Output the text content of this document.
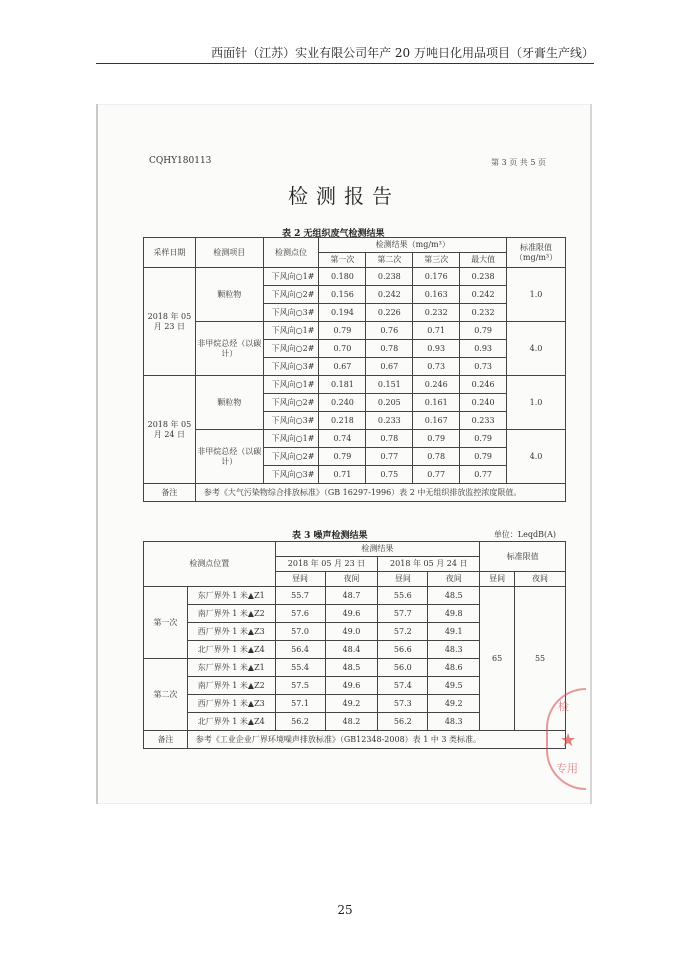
西面针（江苏）实业有限公司年产 20 万吨日化用品项目（牙膏生产线）
CQHY180113	第 3 页 共 5 页
检测报告
表 2 无组织废气检测结果
采样日期	检测项目	检测点位	检测结果（mg/m³）				标准限值（mg/m³）
			第一次	第二次	第三次	最大值	
2018 年 05 月 23 日	颗粒物	下风向○1#	0.180	0.238	0.176	0.238	1.0
		下风向○2#	0.156	0.242	0.163	0.242	
		下风向○3#	0.194	0.226	0.232	0.232	
	非甲烷总烃（以碳计）	下风向○1#	0.79	0.76	0.71	0.79	4.0
		下风向○2#	0.70	0.78	0.93	0.93	
		下风向○3#	0.67	0.67	0.73	0.73	
2018 年 05 月 24 日	颗粒物	下风向○1#	0.181	0.151	0.246	0.246	1.0
		下风向○2#	0.240	0.205	0.161	0.240	
		下风向○3#	0.218	0.233	0.167	0.233	
	非甲烷总烃（以碳计）	下风向○1#	0.74	0.78	0.79	0.79	4.0
		下风向○2#	0.79	0.77	0.78	0.79	
		下风向○3#	0.71	0.75	0.77	0.77	
备注	参考《大气污染物综合排放标准》（GB 16297-1996）表 2 中无组织排放监控浓度限值。						
表 3 噪声检测结果	单位：LeqdB(A)
检测点位置		检测结果				标准限值	
		2018 年 05 月 23 日		2018 年 05 月 24 日			
		昼间	夜间	昼间	夜间	昼间	夜间
第一次	东厂界外 1 米▲Z1	55.7	48.7	55.6	48.5	65	55
	南厂界外 1 米▲Z2	57.6	49.6	57.7	49.8		
	西厂界外 1 米▲Z3	57.0	49.0	57.2	49.1		
	北厂界外 1 米▲Z4	56.4	48.4	56.6	48.3		
第二次	东厂界外 1 米▲Z1	55.4	48.5	56.0	48.6		
	南厂界外 1 米▲Z2	57.5	49.6	57.4	49.5		
	西厂界外 1 米▲Z3	57.1	49.2	57.3	49.2		
	北厂界外 1 米▲Z4	56.2	48.2	56.2	48.3		
备注	参考《工业企业厂界环境噪声排放标准》（GB12348-2008）表 1 中 3 类标准。						
检
★
专用
25
